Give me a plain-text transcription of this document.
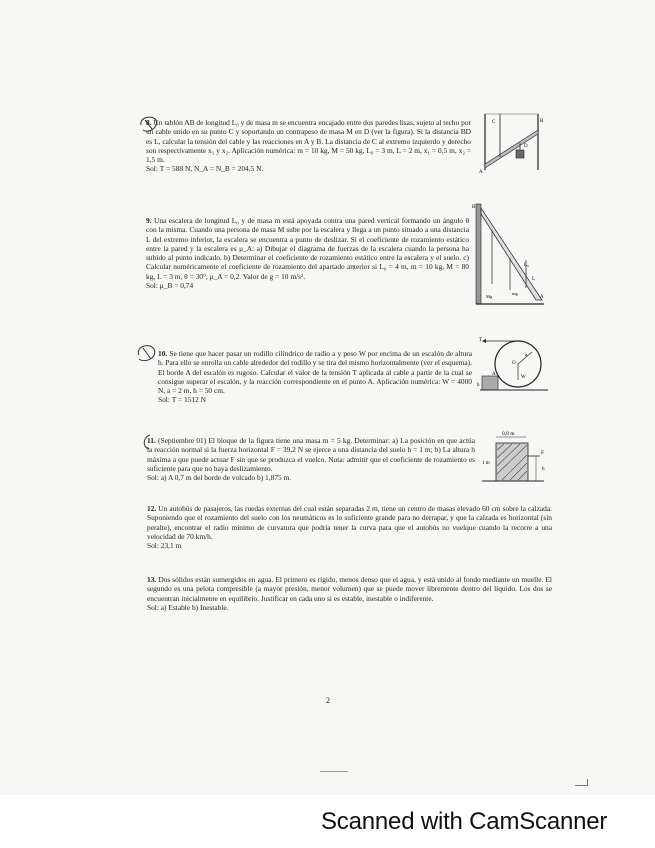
8. Un tablón AB de longitud L₀ y de masa m se encuentra encajado entre dos paredes lisas, sujeto al techo por un cable unido en su punto C y soportando un contrapeso de masa M en D (ver la figura). Si la distancia BD es L, calcular la tensión del cable y las reacciones en A y B. La distancia de C al extremo izquierdo y derecho son respectivamente x₁ y x₂. Aplicación numérica: m = 10 kg, M = 50 kg, L₀ = 3 m, L = 2 m, x₁ = 0,5 m, x₂ = 1,5 m.
Sol: T = 588 N, N_A = N_B = 204,5 N.
C
A
D
B
9. Una escalera de longitud L₀ y de masa m está apoyada contra una pared vertical formando un ángulo θ con la misma. Cuando una persona de masa M sube por la escalera y llega a un punto situado a una distancia L del extremo inferior, la escalera se encuentra a punto de deslizar. Si el coeficiente de rozamiento estático entre la pared y la escalera es μ_A: a) Dibujar el diagrama de fuerzas de la escalera cuando la persona ha subido al punto indicado. b) Determinar el coeficiente de rozamiento estático entre la escalera y el suelo. c) Calcular numéricamente el coeficiente de rozamiento del apartado anterior si L₀ = 4 m, m = 10 kg, M = 80 kg, L = 3 m, θ = 30°, μ_A = 0,2. Valor de g = 10 m/s².
Sol: μ_B = 0,74
B
L₀
L
Mg
mg
A
10. Se tiene que hacer pasar un rodillo cilíndrico de radio a y peso W por encima de un escalón de altura h. Para ello se enrolla un cable alrededor del rodillo y se tira del mismo horizontalmente (ver el esquema). El borde A del escalón es rugoso. Calcular el valor de la tensión T aplicada al cable a partir de la cual se consigue superar el escalón, y la reacción correspondiente en el punto A. Aplicación numérica: W = 4000 N, a = 2 m, h = 50 cm.
Sol: T = 1512 N
T
a
O
W
h
A
11. (Septiembre 01) El bloque de la figura tiene una masa m = 5 kg. Determinar: a) La posición en que actúa la reacción normal si la fuerza horizontal F = 39,2 N se ejerce a una distancia del suelo h = 1 m; b) La altura h máxima a que puede actuar F sin que se produzca el vuelco. Nota: admitir que el coeficiente de rozamiento es suficiente para que no haya deslizamiento.
Sol: a) A 0,7 m del borde de volcado b) 1,875 m.
0,8 m
F
h
1 m
12. Un autobús de pasajeros, las ruedas externas del cual están separadas 2 m, tiene un centro de masas elevado 60 cm sobre la calzada. Suponiendo que el rozamiento del suelo con los neumáticos es lo suficiente grande para no derrapar, y que la calzada es horizontal (sin peralte), encontrar el radio mínimo de curvatura que podría tener la curva para que el autobús no vuelque cuando la recorre a una velocidad de 70 km/h.
Sol: 23,1 m
13. Dos sólidos están sumergidos en agua. El primero es rígido, menos denso que el agua, y está unido al fondo mediante un muelle. El segundo es una pelota compresible (a mayor presión, menor volumen) que se puede mover libremente dentro del líquido. Los dos se encuentran inicialmente en equilibrio. Justificar en cada uno si es estable, inestable o indiferente.
Sol: a) Estable b) Inestable.
2
Scanned with CamScanner
